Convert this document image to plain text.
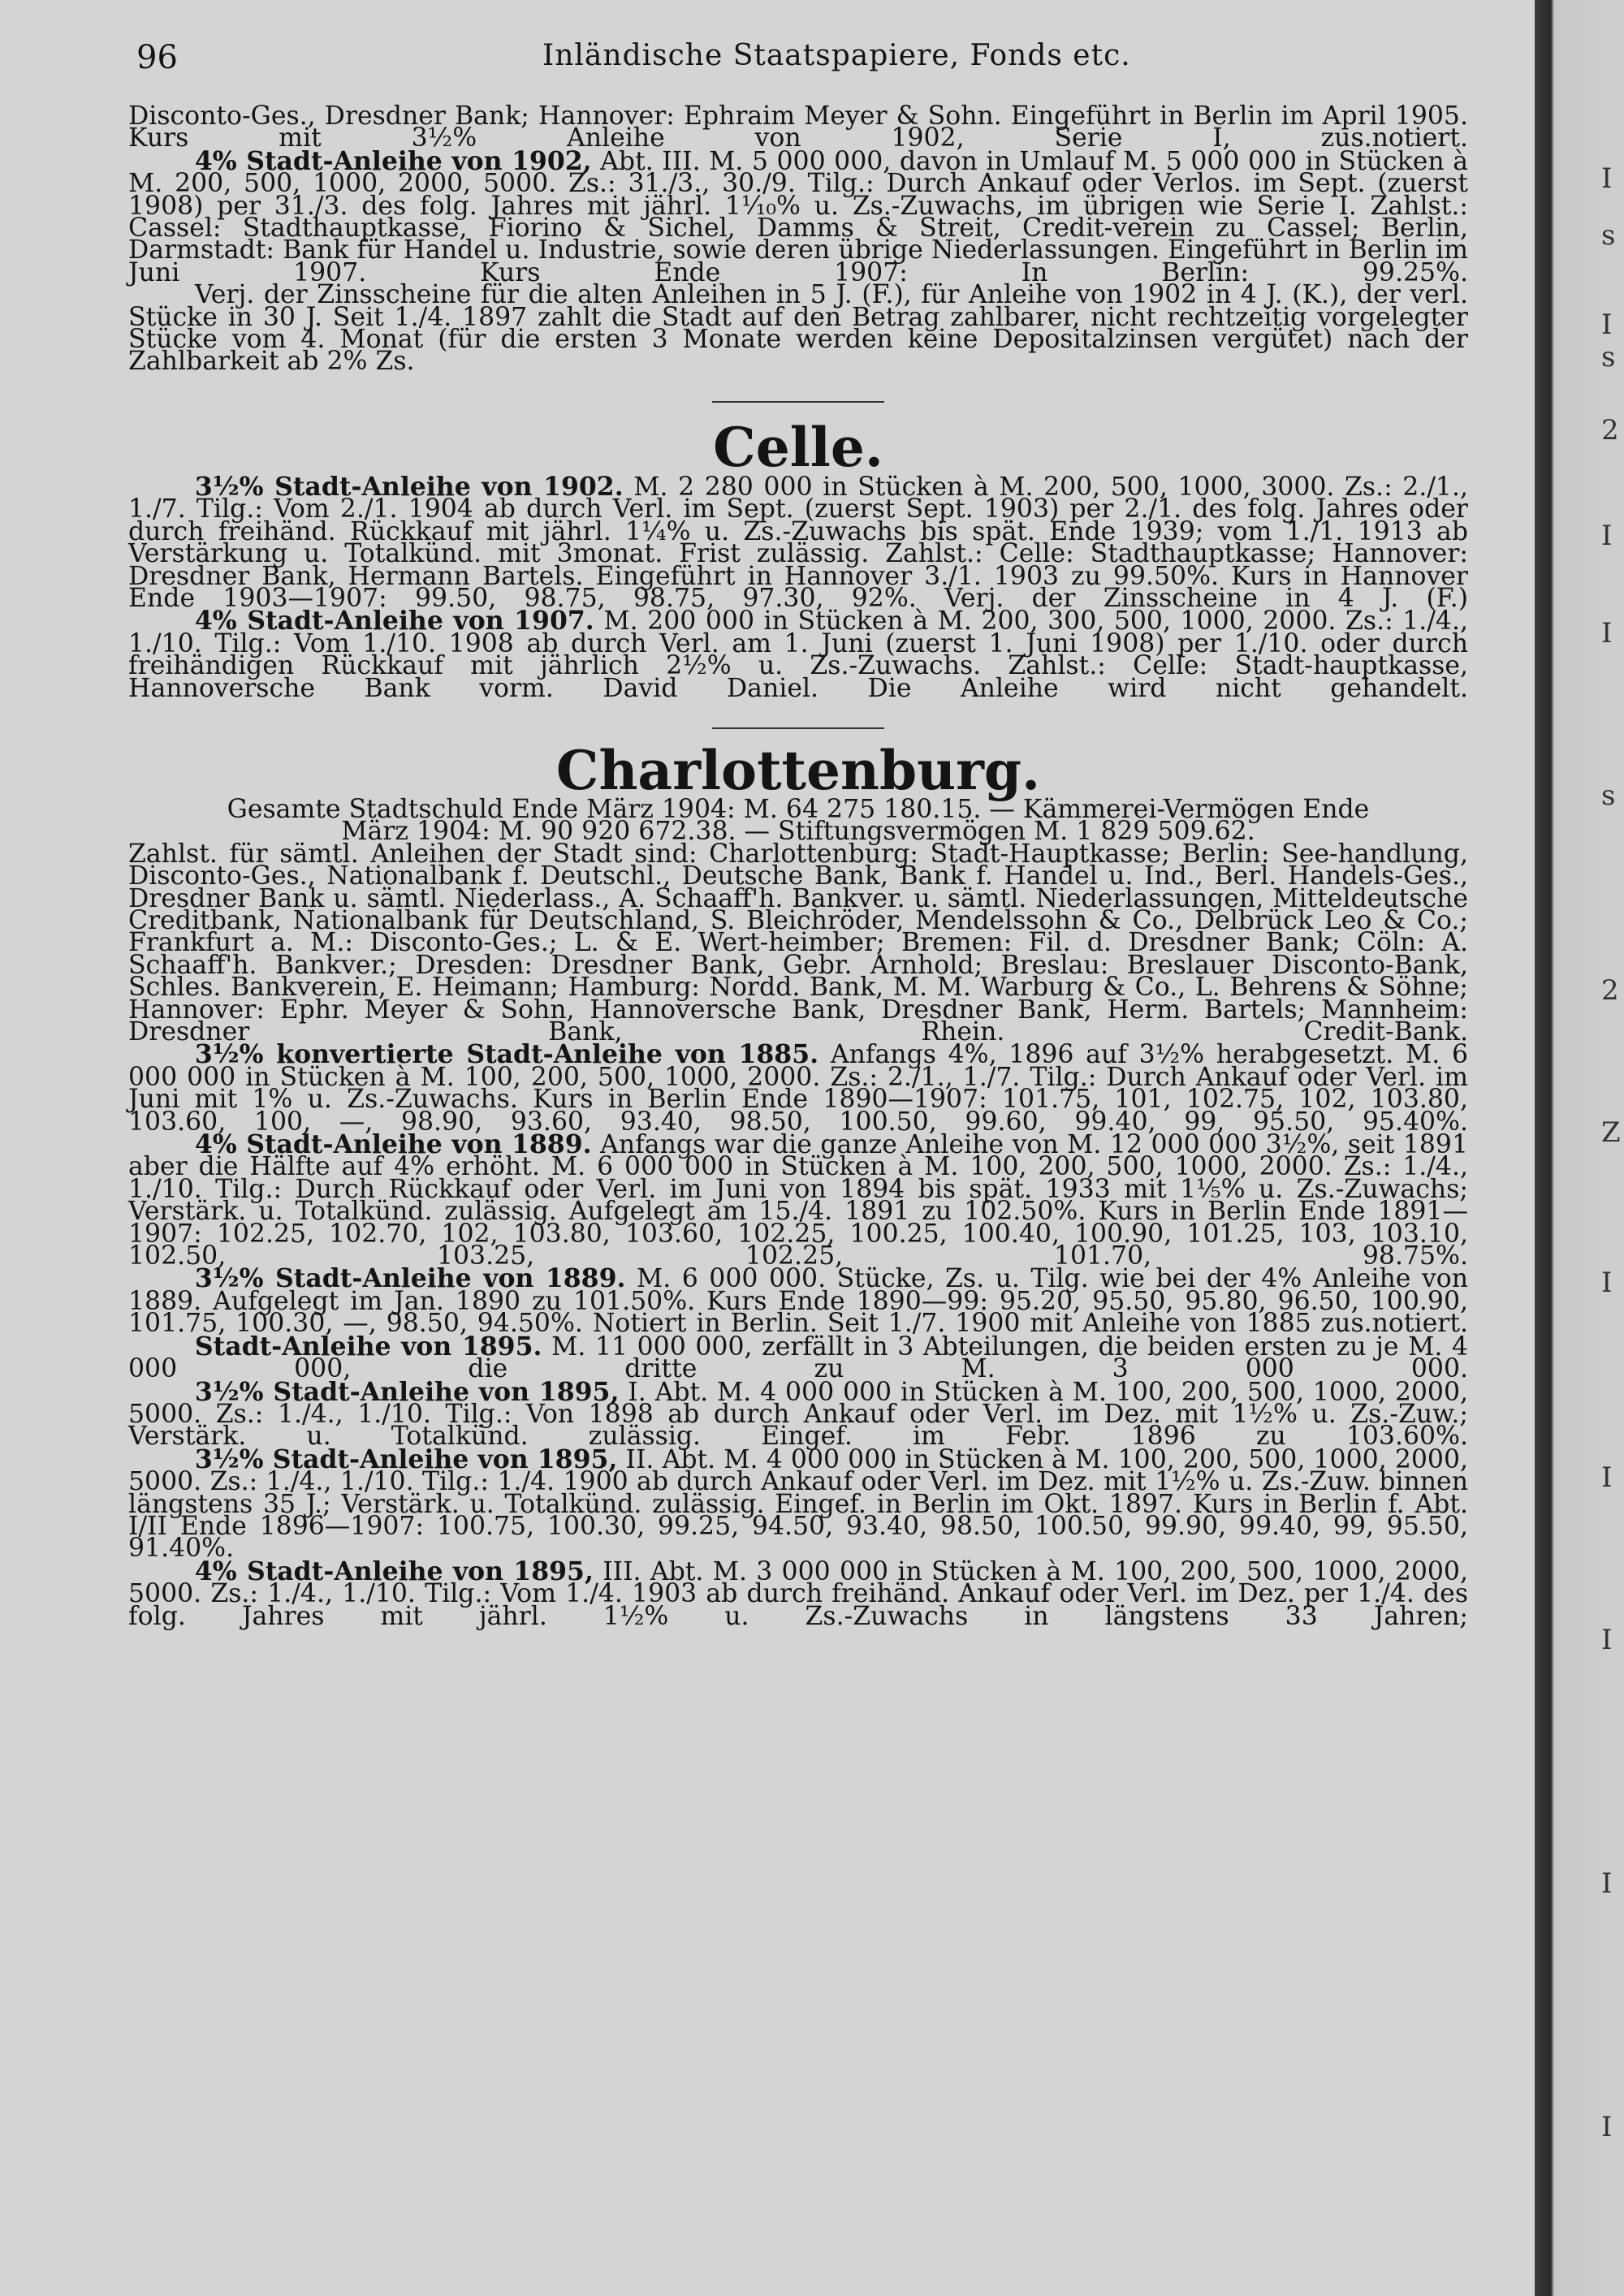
96	Inländische Staatspapiere, Fonds etc.

Disconto-Ges., Dresdner Bank; Hannover: Ephraim Meyer & Sohn. Eingeführt in Berlin im April 1905. Kurs mit 3½% Anleihe von 1902, Serie I, zus.notiert.

4% Stadt-Anleihe von 1902, Abt. III. M. 5 000 000, davon in Umlauf M. 5 000 000 in Stücken à M. 200, 500, 1000, 2000, 5000. Zs.: 31./3., 30./9. Tilg.: Durch Ankauf oder Verlos. im Sept. (zuerst 1908) per 31./3. des folg. Jahres mit jährl. 1¹⁄₁₀% u. Zs.-Zuwachs, im übrigen wie Serie I. Zahlst.: Cassel: Stadthauptkasse, Fiorino & Sichel, Damms & Streit, Credit-verein zu Cassel; Berlin, Darmstadt: Bank für Handel u. Industrie, sowie deren übrige Niederlassungen. Eingeführt in Berlin im Juni 1907. Kurs Ende 1907: In Berlin: 99.25%.

Verj. der Zinsscheine für die alten Anleihen in 5 J. (F.), für Anleihe von 1902 in 4 J. (K.), der verl. Stücke in 30 J. Seit 1./4. 1897 zahlt die Stadt auf den Betrag zahlbarer, nicht rechtzeitig vorgelegter Stücke vom 4. Monat (für die ersten 3 Monate werden keine Depositalzinsen vergütet) nach der Zahlbarkeit ab 2% Zs.

Celle.

3½% Stadt-Anleihe von 1902. M. 2 280 000 in Stücken à M. 200, 500, 1000, 3000. Zs.: 2./1., 1./7. Tilg.: Vom 2./1. 1904 ab durch Verl. im Sept. (zuerst Sept. 1903) per 2./1. des folg. Jahres oder durch freihänd. Rückkauf mit jährl. 1¼% u. Zs.-Zuwachs bis spät. Ende 1939; vom 1./1. 1913 ab Verstärkung u. Totalkünd. mit 3monat. Frist zulässig. Zahlst.: Celle: Stadthauptkasse; Hannover: Dresdner Bank, Hermann Bartels. Eingeführt in Hannover 3./1. 1903 zu 99.50%. Kurs in Hannover Ende 1903—1907: 99.50, 98.75, 98.75, 97.30, 92%. Verj. der Zinsscheine in 4 J. (F.)

4% Stadt-Anleihe von 1907. M. 200 000 in Stücken à M. 200, 300, 500, 1000, 2000. Zs.: 1./4., 1./10. Tilg.: Vom 1./10. 1908 ab durch Verl. am 1. Juni (zuerst 1. Juni 1908) per 1./10. oder durch freihändigen Rückkauf mit jährlich 2½% u. Zs.-Zuwachs. Zahlst.: Celle: Stadt-hauptkasse, Hannoversche Bank vorm. David Daniel. Die Anleihe wird nicht gehandelt.

Charlottenburg.

Gesamte Stadtschuld Ende März 1904: M. 64 275 180.15. — Kämmerei-Vermögen Ende

März 1904: M. 90 920 672.38. — Stiftungsvermögen M. 1 829 509.62.

Zahlst. für sämtl. Anleihen der Stadt sind: Charlottenburg: Stadt-Hauptkasse; Berlin: See-handlung, Disconto-Ges., Nationalbank f. Deutschl., Deutsche Bank, Bank f. Handel u. Ind., Berl. Handels-Ges., Dresdner Bank u. sämtl. Niederlass., A. Schaaff'h. Bankver. u. sämtl. Niederlassungen, Mitteldeutsche Creditbank, Nationalbank für Deutschland, S. Bleichröder, Mendelssohn & Co., Delbrück Leo & Co.; Frankfurt a. M.: Disconto-Ges.; L. & E. Wert-heimber; Bremen: Fil. d. Dresdner Bank; Cöln: A. Schaaff'h. Bankver.; Dresden: Dresdner Bank, Gebr. Arnhold; Breslau: Breslauer Disconto-Bank, Schles. Bankverein, E. Heimann; Hamburg: Nordd. Bank, M. M. Warburg & Co., L. Behrens & Söhne; Hannover: Ephr. Meyer & Sohn, Hannoversche Bank, Dresdner Bank, Herm. Bartels; Mannheim: Dresdner Bank, Rhein. Credit-Bank.

3½% konvertierte Stadt-Anleihe von 1885. Anfangs 4%, 1896 auf 3½% herabgesetzt. M. 6 000 000 in Stücken à M. 100, 200, 500, 1000, 2000. Zs.: 2./1., 1./7. Tilg.: Durch Ankauf oder Verl. im Juni mit 1% u. Zs.-Zuwachs. Kurs in Berlin Ende 1890—1907: 101.75, 101, 102.75, 102, 103.80, 103.60, 100, —, 98.90, 93.60, 93.40, 98.50, 100.50, 99.60, 99.40, 99, 95.50, 95.40%.

4% Stadt-Anleihe von 1889. Anfangs war die ganze Anleihe von M. 12 000 000 3½%, seit 1891 aber die Hälfte auf 4% erhöht. M. 6 000 000 in Stücken à M. 100, 200, 500, 1000, 2000. Zs.: 1./4., 1./10. Tilg.: Durch Rückkauf oder Verl. im Juni von 1894 bis spät. 1933 mit 1⅕% u. Zs.-Zuwachs; Verstärk. u. Totalkünd. zulässig. Aufgelegt am 15./4. 1891 zu 102.50%. Kurs in Berlin Ende 1891—1907: 102.25, 102.70, 102, 103.80, 103.60, 102.25, 100.25, 100.40, 100.90, 101.25, 103, 103.10, 102.50, 103.25, 102.25, 101.70, 98.75%.

3½% Stadt-Anleihe von 1889. M. 6 000 000. Stücke, Zs. u. Tilg. wie bei der 4% Anleihe von 1889. Aufgelegt im Jan. 1890 zu 101.50%. Kurs Ende 1890—99: 95.20, 95.50, 95.80, 96.50, 100.90, 101.75, 100.30, —, 98.50, 94.50%. Notiert in Berlin. Seit 1./7. 1900 mit Anleihe von 1885 zus.notiert.

Stadt-Anleihe von 1895. M. 11 000 000, zerfällt in 3 Abteilungen, die beiden ersten zu je M. 4 000 000, die dritte zu M. 3 000 000.

3½% Stadt-Anleihe von 1895, I. Abt. M. 4 000 000 in Stücken à M. 100, 200, 500, 1000, 2000, 5000. Zs.: 1./4., 1./10. Tilg.: Von 1898 ab durch Ankauf oder Verl. im Dez. mit 1½% u. Zs.-Zuw.; Verstärk. u. Totalkünd. zulässig. Eingef. im Febr. 1896 zu 103.60%.

3½% Stadt-Anleihe von 1895, II. Abt. M. 4 000 000 in Stücken à M. 100, 200, 500, 1000, 2000, 5000. Zs.: 1./4., 1./10. Tilg.: 1./4. 1900 ab durch Ankauf oder Verl. im Dez. mit 1½% u. Zs.-Zuw. binnen längstens 35 J.; Verstärk. u. Totalkünd. zulässig. Eingef. in Berlin im Okt. 1897. Kurs in Berlin f. Abt. I/II Ende 1896—1907: 100.75, 100.30, 99.25, 94.50, 93.40, 98.50, 100.50, 99.90, 99.40, 99, 95.50, 91.40%.

4% Stadt-Anleihe von 1895, III. Abt. M. 3 000 000 in Stücken à M. 100, 200, 500, 1000, 2000, 5000. Zs.: 1./4., 1./10. Tilg.: Vom 1./4. 1903 ab durch freihänd. Ankauf oder Verl. im Dez. per 1./4. des folg. Jahres mit jährl. 1½% u. Zs.-Zuwachs in längstens 33 Jahren;

I
s
I
s
2
I
I
s
2
Z
I
I
I
I
I
